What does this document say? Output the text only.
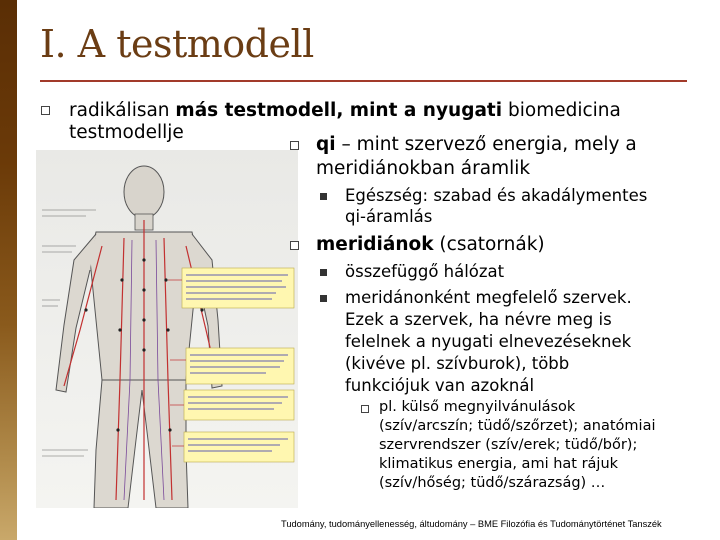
I. A testmodell
radikálisan más testmodell, mint a nyugati biomedicina
testmodellje
qi – mint szervező energia, mely a
meridiánokban áramlik
Egészség: szabad és akadálymentes
qi-áramlás
meridiánok (csatornák)
összefüggő hálózat
meridánonként megfelelő szervek.
Ezek a szervek, ha névre meg is
felelnek a nyugati elnevezéseknek
(kivéve pl. szívburok), több
funkciójuk van azoknál
pl. külső megnyilvánulások
(szív/arcszín; tüdő/szőrzet); anatómiai
szervrendszer (szív/erek; tüdő/bőr);
klimatikus energia, ami hat rájuk
(szív/hőség; tüdő/szárazság) …
Tudomány, tudományellenesség, áltudomány – BME Filozófia és Tudománytörténet Tanszék
